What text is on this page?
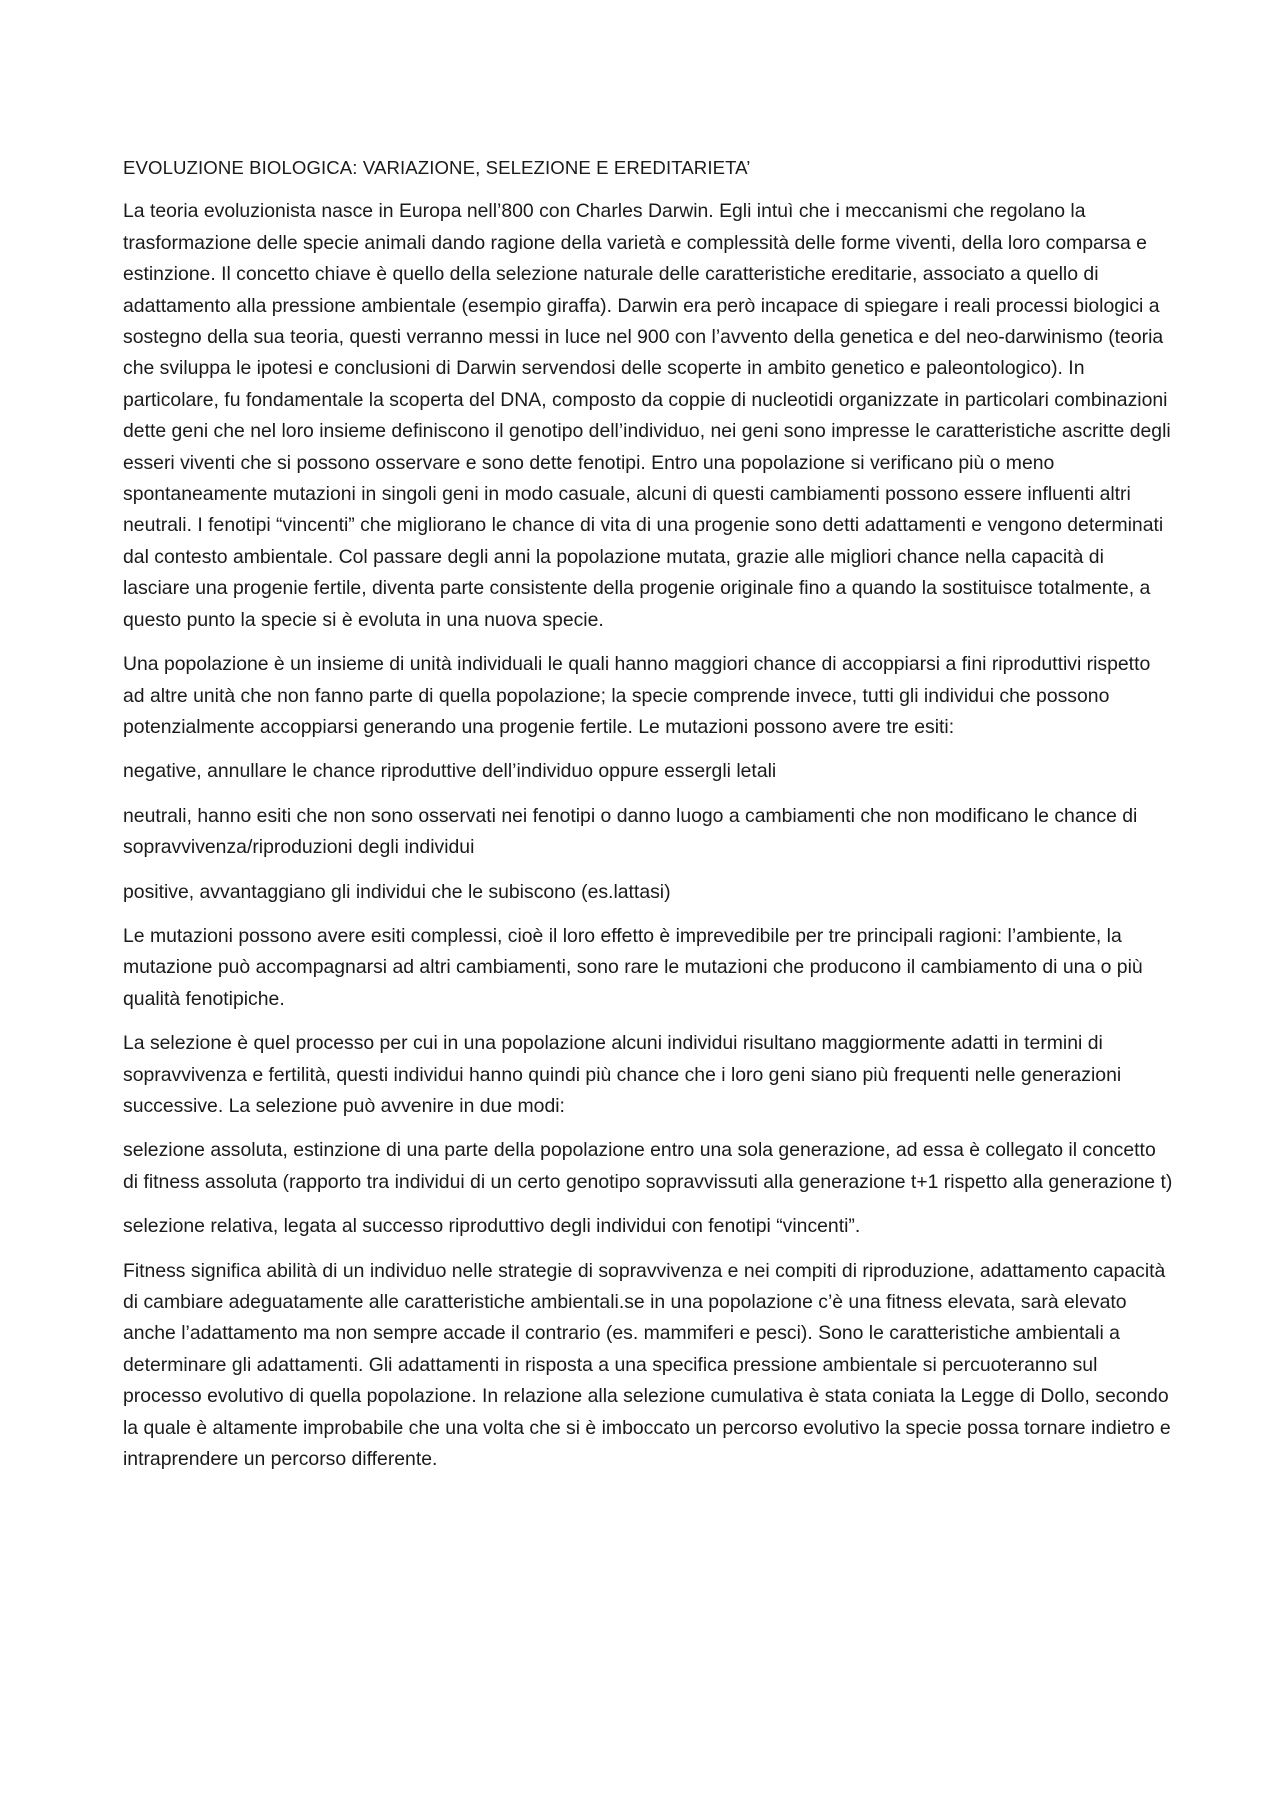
EVOLUZIONE BIOLOGICA: VARIAZIONE, SELEZIONE E EREDITARIETA’

La teoria evoluzionista nasce in Europa nell’800 con Charles Darwin. Egli intuì che i meccanismi che regolano la trasformazione delle specie animali dando ragione della varietà e complessità delle forme viventi, della loro comparsa e estinzione. Il concetto chiave è quello della selezione naturale delle caratteristiche ereditarie, associato a quello di adattamento alla pressione ambientale (esempio giraffa). Darwin era però incapace di spiegare i reali processi biologici a sostegno della sua teoria, questi verranno messi in luce nel 900 con l’avvento della genetica e del neo-darwinismo (teoria che sviluppa le ipotesi e conclusioni di Darwin servendosi delle scoperte in ambito genetico e paleontologico). In particolare, fu fondamentale la scoperta del DNA, composto da coppie di nucleotidi organizzate in particolari combinazioni dette geni che nel loro insieme definiscono il genotipo dell’individuo, nei geni sono impresse le caratteristiche ascritte degli esseri viventi che si possono osservare e sono dette fenotipi. Entro una popolazione si verificano più o meno spontaneamente mutazioni in singoli geni in modo casuale, alcuni di questi cambiamenti possono essere influenti altri neutrali. I fenotipi “vincenti” che migliorano le chance di vita di una progenie sono detti adattamenti e vengono determinati dal contesto ambientale. Col passare degli anni la popolazione mutata, grazie alle migliori chance nella capacità di lasciare una progenie fertile, diventa parte consistente della progenie originale fino a quando la sostituisce totalmente, a questo punto la specie si è evoluta in una nuova specie.

Una popolazione è un insieme di unità individuali le quali hanno maggiori chance di accoppiarsi a fini riproduttivi rispetto ad altre unità che non fanno parte di quella popolazione; la specie comprende invece, tutti gli individui che possono potenzialmente accoppiarsi generando una progenie fertile. Le mutazioni possono avere tre esiti:

negative, annullare le chance riproduttive dell’individuo oppure essergli letali

neutrali, hanno esiti che non sono osservati nei fenotipi o danno luogo a cambiamenti che non modificano le chance di sopravvivenza/riproduzioni degli individui

positive, avvantaggiano gli individui che le subiscono (es.lattasi)

Le mutazioni possono avere esiti complessi, cioè il loro effetto è imprevedibile per tre principali ragioni: l’ambiente, la mutazione può accompagnarsi ad altri cambiamenti, sono rare le mutazioni che producono il cambiamento di una o più qualità fenotipiche.

La selezione è quel processo per cui in una popolazione alcuni individui risultano maggiormente adatti in termini di sopravvivenza e fertilità, questi individui hanno quindi più chance che i loro geni siano più frequenti nelle generazioni successive. La selezione può avvenire in due modi:

selezione assoluta, estinzione di una parte della popolazione entro una sola generazione, ad essa è collegato il concetto di fitness assoluta (rapporto tra individui di un certo genotipo sopravvissuti alla generazione t+1 rispetto alla generazione t)

selezione relativa, legata al successo riproduttivo degli individui con fenotipi “vincenti”.

Fitness significa abilità di un individuo nelle strategie di sopravvivenza e nei compiti di riproduzione, adattamento capacità di cambiare adeguatamente alle caratteristiche ambientali.se in una popolazione c’è una fitness elevata, sarà elevato anche l’adattamento ma non sempre accade il contrario (es. mammiferi e pesci). Sono le caratteristiche ambientali a determinare gli adattamenti. Gli adattamenti in risposta a una specifica pressione ambientale si percuoteranno sul processo evolutivo di quella popolazione. In relazione alla selezione cumulativa è stata coniata la Legge di Dollo, secondo la quale è altamente improbabile che una volta che si è imboccato un percorso evolutivo la specie possa tornare indietro e intraprendere un percorso differente.
